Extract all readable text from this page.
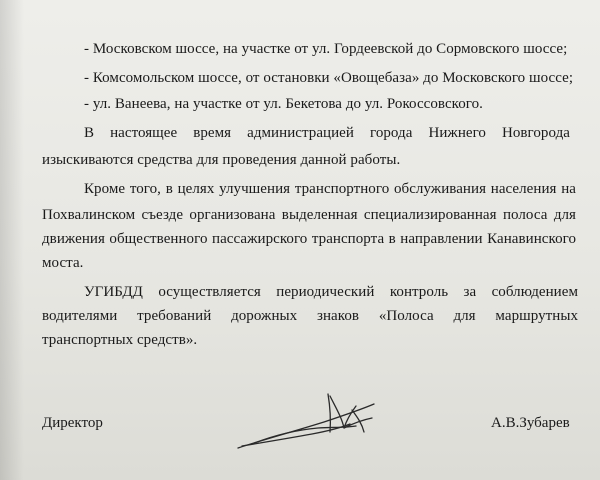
- Московском шоссе, на участке от ул. Гордеевской до Сормовского шоссе;
- Комсомольском шоссе, от остановки «Овощебаза» до Московского шоссе;
- ул. Ванеева, на участке от ул. Бекетова до ул. Рокоссовского.
В настоящее время администрацией города Нижнего Новгорода
изыскиваются средства для проведения данной работы.
Кроме того, в целях улучшения транспортного обслуживания населения на
Похвалинском съезде организована выделенная специализированная полоса для
движения общественного пассажирского транспорта в направлении Канавинского
моста.
УГИБДД осуществляется периодический контроль за соблюдением
водителями требований дорожных знаков «Полоса для маршрутных
транспортных средств».
Директор	А.В.Зубарев
